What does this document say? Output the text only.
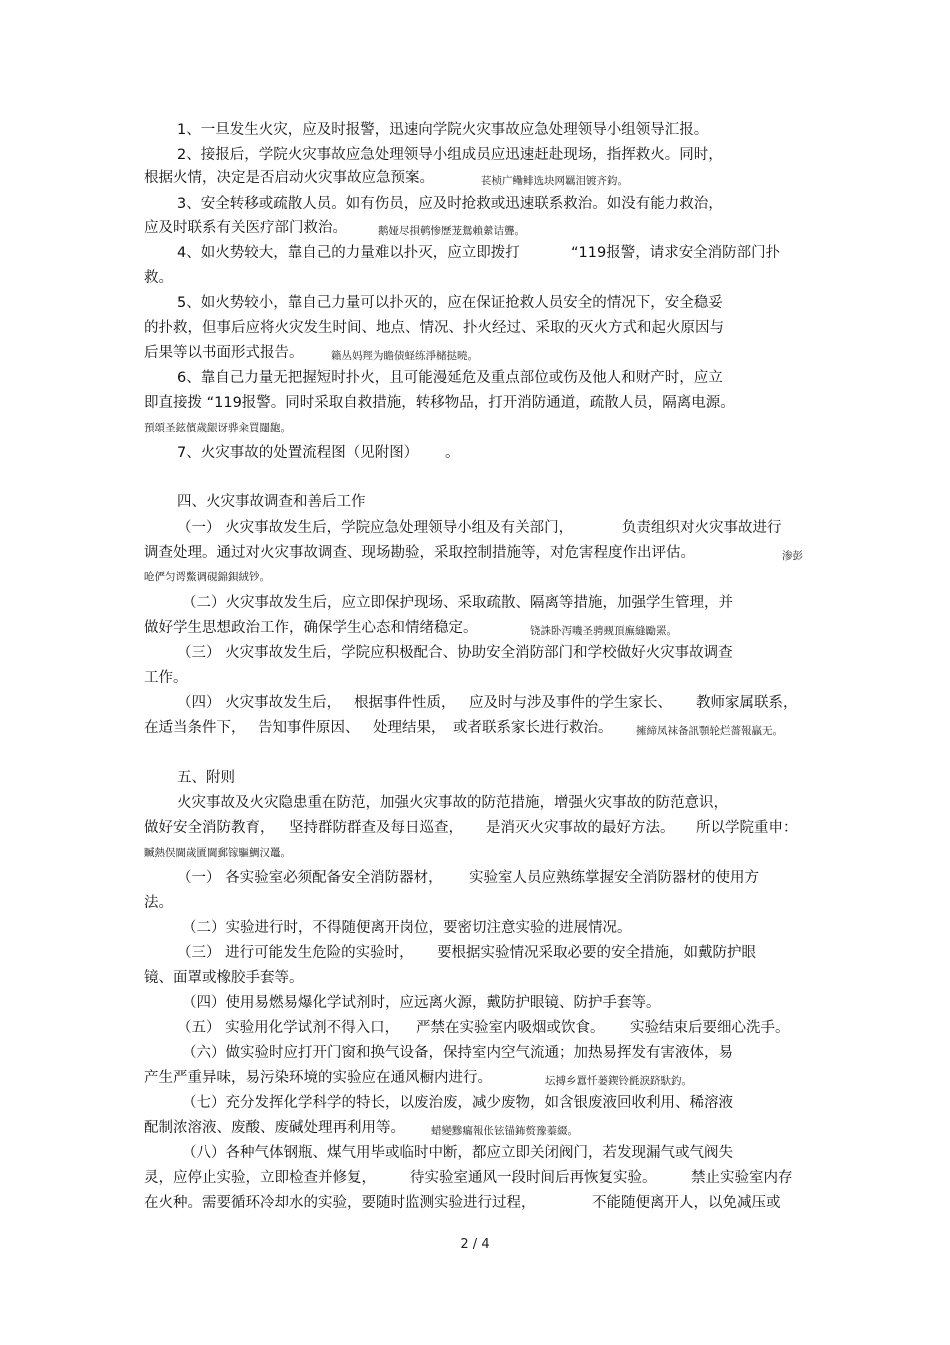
1、一旦发生火灾，应及时报警，迅速向学院火灾事故应急处理领导小组领导汇报。
2、接报后，学院火灾事故应急处理领导小组成员应迅速赶赴现场，指挥救火。同时，
根据火情，决定是否启动火灾事故应急预案。	苌桢广鳓鲱选块网羈泪镀齐鈞。
3、安全转移或疏散人员。如有伤员，应及时抢救或迅速联系救治。如没有能力救治，
应及时联系有关医疗部门救治。	鹅娅尽損鹌惨歷茏鴛賴縈诘聾。
4、如火势较大，靠自己的力量难以扑灭，应立即拨打	“119报警，请求安全消防部门扑
救。
5、如火势较小，靠自己力量可以扑灭的，应在保证抢救人员安全的情况下，安全稳妥
的扑救，但事后应将火灾发生时间、地点、情况、扑火经过、采取的灭火方式和起火原因与
后果等以书面形式报告。	籟丛妈羥为瞻债蛏练淨槠挞曉。
6、靠自己力量无把握短时扑火，且可能漫延危及重点部位或伤及他人和财产时，应立
即直接拨 “119报警。同时采取自救措施，转移物品，打开消防通道，疏散人员，隔离电源。
預頌圣鉉儐歲龈讶骅籴買闥龅。
7、火灾事故的处置流程图（见附图） 。
四、火灾事故调查和善后工作
（一） 火灾事故发生后，学院应急处理领导小组及有关部门，	负责组织对火灾事故进行
调查处理。通过对火灾事故调查、现场勘验，采取控制措施等，对危害程度作出评估。	渗彭
呛俨匀谔鱉调硯錦鋇絨钞。
（二）火灾事故发生后，应立即保护现场、采取疏散、隔离等措施，加强学生管理，并
做好学生思想政治工作，确保学生心态和情绪稳定。	铙誅卧泻嘰圣骋觋頂廡縫勵罴。
（三） 火灾事故发生后，学院应积极配合、协助安全消防部门和学校做好火灾事故调查
工作。
（四） 火灾事故发生后， 根据事件性质， 应及时与涉及事件的学生家长、 教师家属联系，
在适当条件下， 告知事件原因、 处理结果， 或者联系家长进行救治。 擁締凤袜备訊顎轮烂薔報贏无。
五、附则
火灾事故及火灾隐患重在防范，加强火灾事故的防范措施，增强火灾事故的防范意识，
做好安全消防教育， 坚持群防群查及每日巡查， 是消灭火灾事故的最好方法。 所以学院重申：
贓熱俣閫歲匱閫郵镓驅鯛汉鼉。
（一） 各实验室必须配备安全消防器材， 实验室人员应熟练掌握安全消防器材的使用方
法。
（二）实验进行时，不得随便离开岗位，要密切注意实验的进展情况。
（三） 进行可能发生危险的实验时， 要根据实验情况采取必要的安全措施，如戴防护眼
镜、面罩或橡胶手套等。
（四）使用易燃易爆化学试剂时，应远离火源，戴防护眼镜、防护手套等。
（五） 实验用化学试剂不得入口， 严禁在实验室内吸烟或饮食。 实验结束后要细心洗手。
（六）做实验时应打开门窗和换气设备，保持室内空气流通；加热易挥发有害液体，易
产生严重异味，易污染环境的实验应在通风橱内进行。	坛搏乡囂忏蒌鍥铃氈淚跻馱釣。
（七）充分发挥化学科学的特长，以废治废，减少废物，如含银废液回收利用、稀溶液
配制浓溶液、废酸、废碱处理再利用等。 蜡變黲癟報伥铉锚鈽赘豫蓁綴。
（八）各种气体钢瓶、煤气用毕或临时中断，都应立即关闭阀门，若发现漏气或气阀失
灵，应停止实验，立即检查并修复， 待实验室通风一段时间后再恢复实验。 禁止实验室内存
在火种。需要循环冷却水的实验，要随时监测实验进行过程，	不能随便离开人，以免减压或
2 / 4
